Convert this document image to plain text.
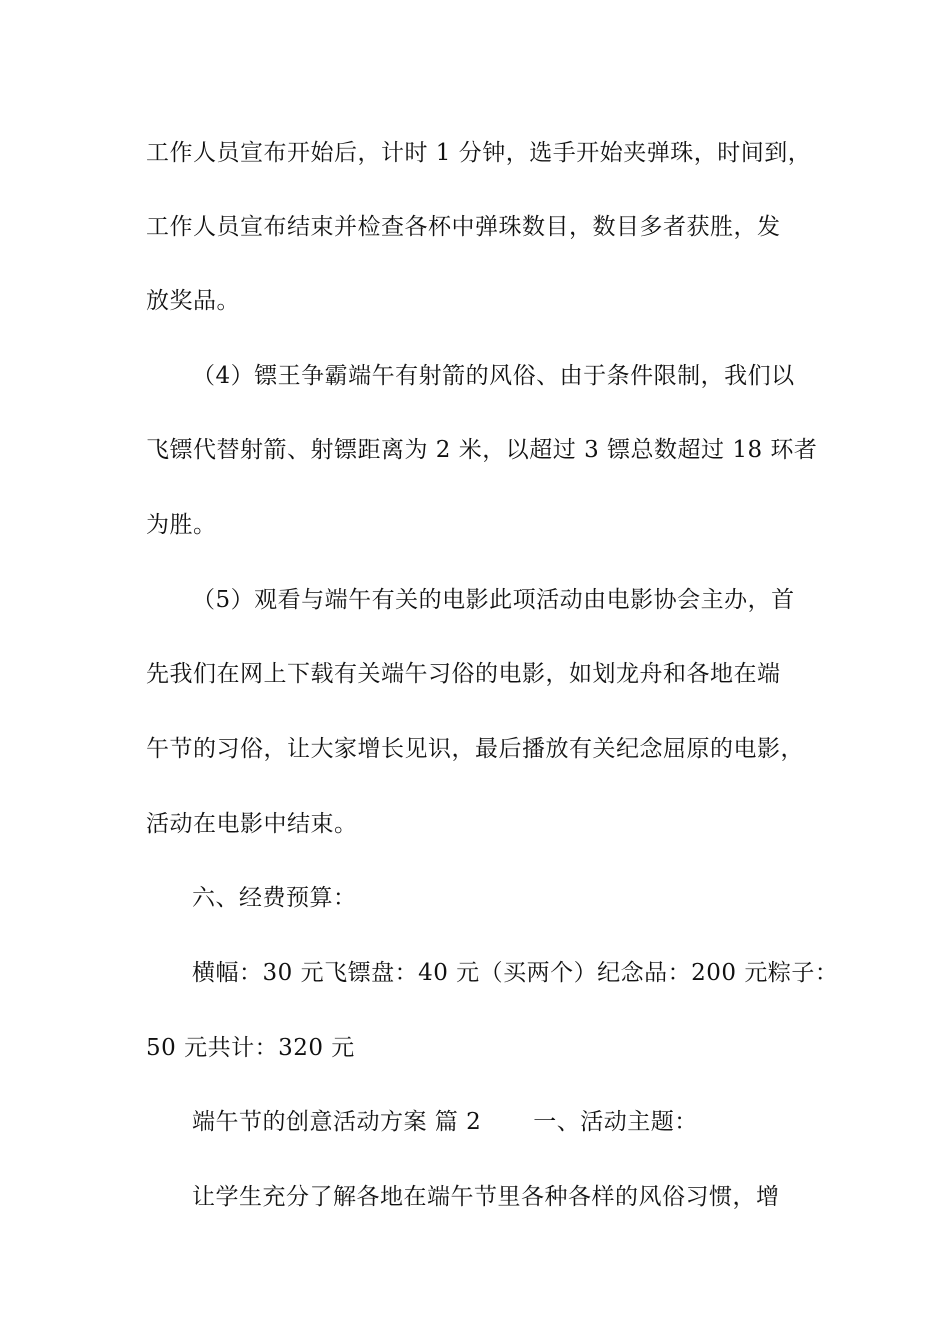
工作人员宣布开始后，计时 1 分钟，选手开始夹弹珠，时间到，
工作人员宣布结束并检查各杯中弹珠数目，数目多者获胜，发
放奖品。
（4）镖王争霸端午有射箭的风俗、由于条件限制，我们以
飞镖代替射箭、射镖距离为 2 米，以超过 3 镖总数超过 18 环者
为胜。
（5）观看与端午有关的电影此项活动由电影协会主办，首
先我们在网上下载有关端午习俗的电影，如划龙舟和各地在端
午节的习俗，让大家增长见识，最后播放有关纪念屈原的电影，
活动在电影中结束。
六、经费预算：
横幅：30 元飞镖盘：40 元（买两个）纪念品：200 元粽子：
50 元共计：320 元
端午节的创意活动方案 篇 2 一、活动主题：
让学生充分了解各地在端午节里各种各样的风俗习惯，增
